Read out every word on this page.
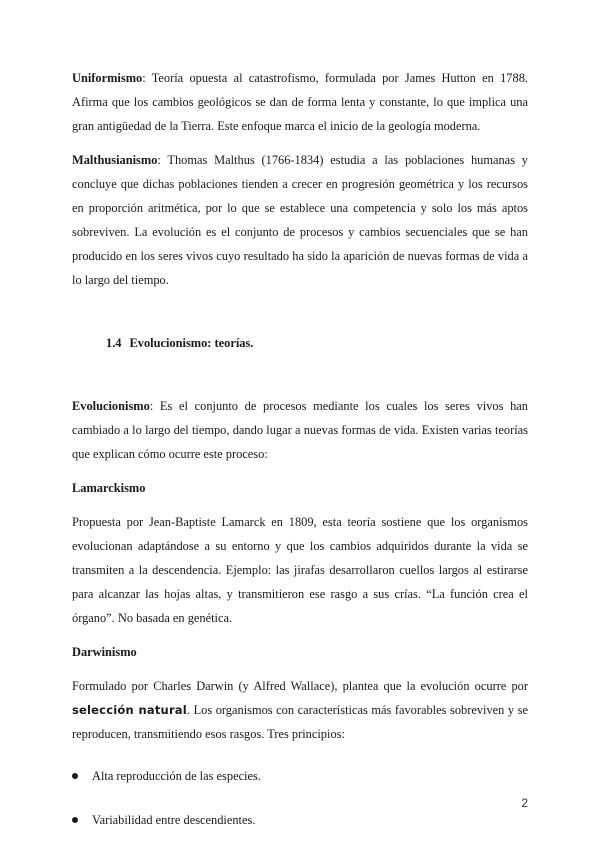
Uniformismo: Teoría opuesta al catastrofismo, formulada por James Hutton en 1788. Afirma que los cambios geológicos se dan de forma lenta y constante, lo que implica una gran antigüedad de la Tierra. Este enfoque marca el inicio de la geología moderna.

Malthusianismo: Thomas Malthus (1766-1834) estudia a las poblaciones humanas y concluye que dichas poblaciones tienden a crecer en progresión geométrica y los recursos en proporción aritmética, por lo que se establece una competencia y solo los más aptos sobreviven. La evolución es el conjunto de procesos y cambios secuenciales que se han producido en los seres vivos cuyo resultado ha sido la aparición de nuevas formas de vida a lo largo del tiempo.

1.4 Evolucionismo: teorías.

Evolucionismo: Es el conjunto de procesos mediante los cuales los seres vivos han cambiado a lo largo del tiempo, dando lugar a nuevas formas de vida. Existen varias teorías que explican cómo ocurre este proceso:

Lamarckismo

Propuesta por Jean-Baptiste Lamarck en 1809, esta teoría sostiene que los organismos evolucionan adaptándose a su entorno y que los cambios adquiridos durante la vida se transmiten a la descendencia. Ejemplo: las jirafas desarrollaron cuellos largos al estirarse para alcanzar las hojas altas, y transmitieron ese rasgo a sus crías. “La función crea el órgano”. No basada en genética.

Darwinismo

Formulado por Charles Darwin (y Alfred Wallace), plantea que la evolución ocurre por selección natural. Los organismos con características más favorables sobreviven y se reproducen, transmitiendo esos rasgos. Tres principios:

Alta reproducción de las especies.
Variabilidad entre descendientes.
2
